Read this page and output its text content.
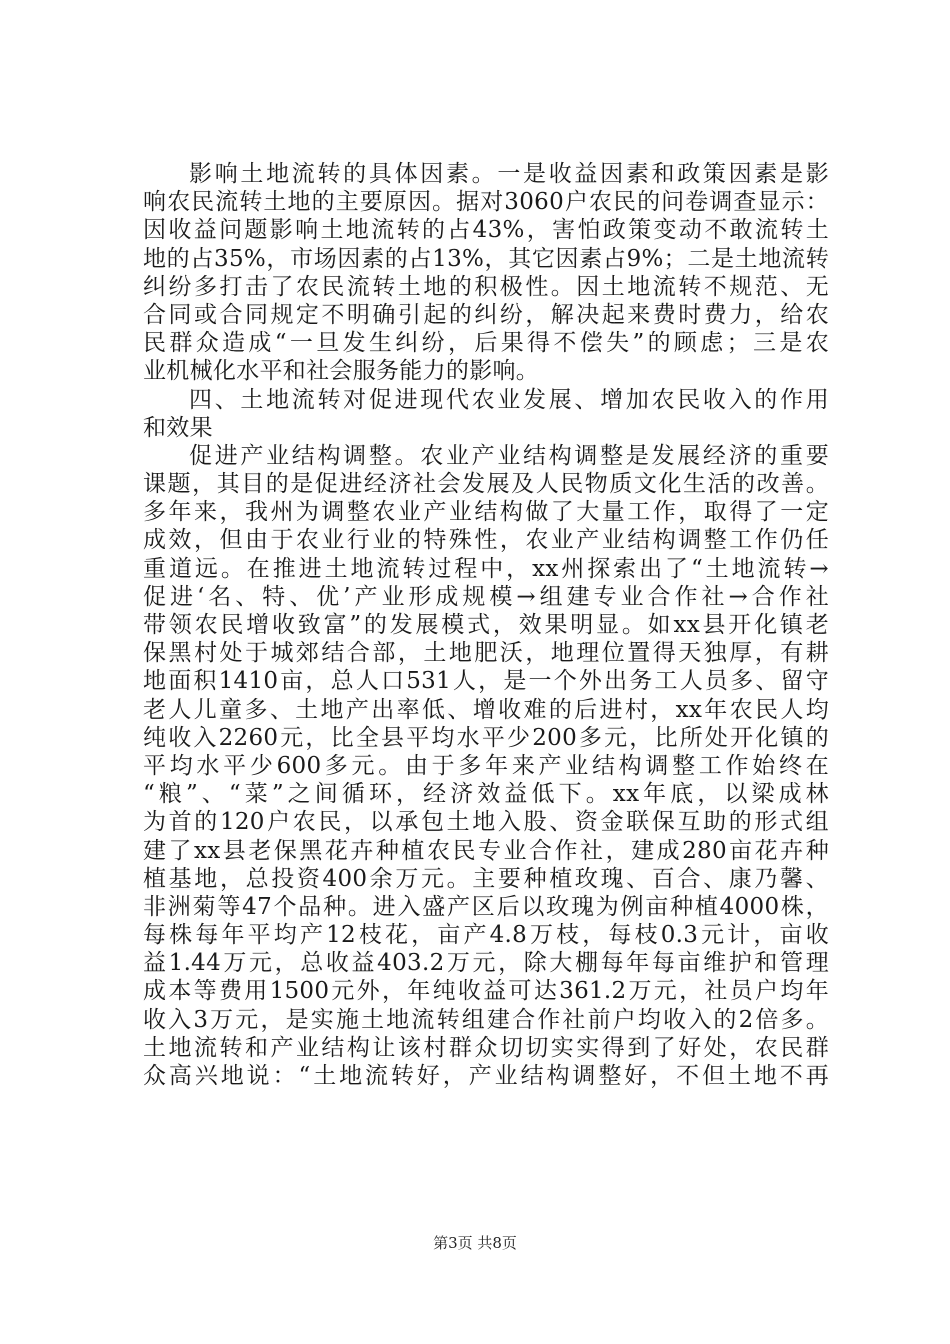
影响土地流转的具体因素。一是收益因素和政策因素是影
响农民流转土地的主要原因。据对3060户农民的问卷调查显示：
因收益问题影响土地流转的占43%，害怕政策变动不敢流转土
地的占35%，市场因素的占13%，其它因素占9%；二是土地流转
纠纷多打击了农民流转土地的积极性。因土地流转不规范、无
合同或合同规定不明确引起的纠纷，解决起来费时费力，给农
民群众造成“一旦发生纠纷，后果得不偿失”的顾虑；三是农
业机械化水平和社会服务能力的影响。
四、土地流转对促进现代农业发展、增加农民收入的作用
和效果
促进产业结构调整。农业产业结构调整是发展经济的重要
课题，其目的是促进经济社会发展及人民物质文化生活的改善。
多年来，我州为调整农业产业结构做了大量工作，取得了一定
成效，但由于农业行业的特殊性，农业产业结构调整工作仍任
重道远。在推进土地流转过程中，xx州探索出了“土地流转→
促进‘名、特、优’产业形成规模→组建专业合作社→合作社
带领农民增收致富”的发展模式，效果明显。如xx县开化镇老
保黑村处于城郊结合部，土地肥沃，地理位置得天独厚，有耕
地面积1410亩，总人口531人，是一个外出务工人员多、留守
老人儿童多、土地产出率低、增收难的后进村，xx年农民人均
纯收入2260元，比全县平均水平少200多元，比所处开化镇的
平均水平少600多元。由于多年来产业结构调整工作始终在
“粮”、“菜”之间循环，经济效益低下。xx年底，以梁成林
为首的120户农民，以承包土地入股、资金联保互助的形式组
建了xx县老保黑花卉种植农民专业合作社，建成280亩花卉种
植基地，总投资400余万元。主要种植玫瑰、百合、康乃馨、
非洲菊等47个品种。进入盛产区后以玫瑰为例亩种植4000株，
每株每年平均产12枝花，亩产4.8万枝，每枝0.3元计，亩收
益1.44万元，总收益403.2万元，除大棚每年每亩维护和管理
成本等费用1500元外，年纯收益可达361.2万元，社员户均年
收入3万元，是实施土地流转组建合作社前户均收入的2倍多。
土地流转和产业结构让该村群众切切实实得到了好处，农民群
众高兴地说：“土地流转好，产业结构调整好，不但土地不再
第3页 共8页
